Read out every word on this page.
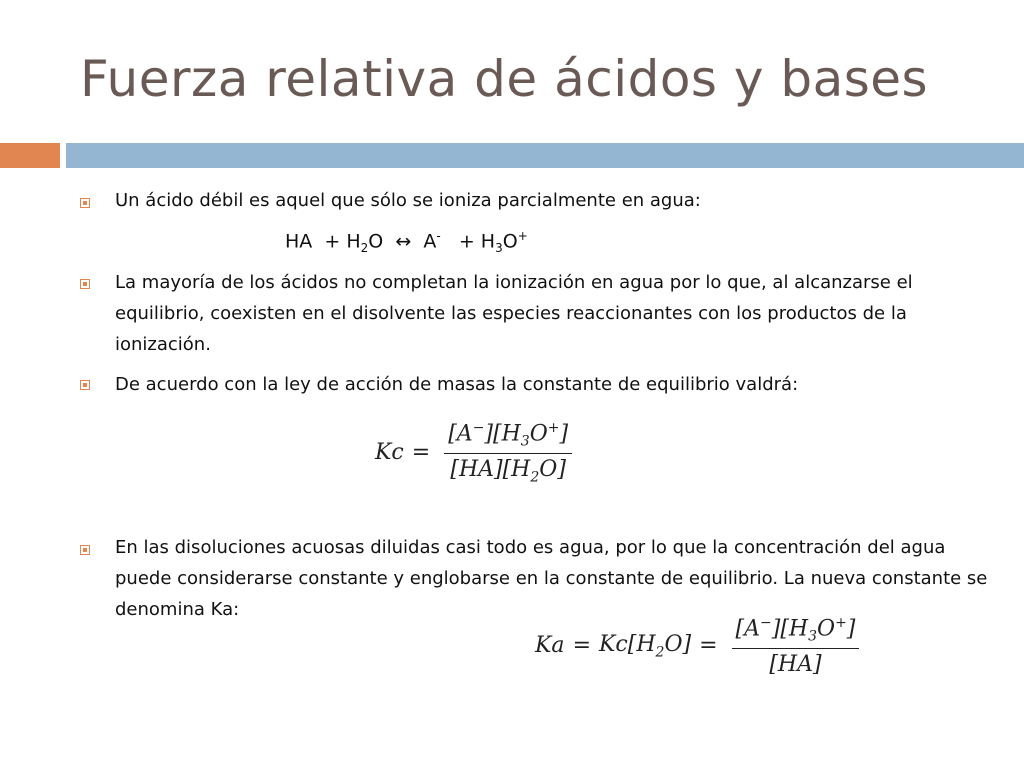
Fuerza relativa de ácidos y bases
Un ácido débil es aquel que sólo se ioniza parcialmente en agua:
HA + $H_2O$ ↔ $A^- + H_3O^+$
La mayoría de los ácidos no completan la ionización en agua por lo que, al alcanzarse el equilibrio, coexisten en el disolvente las especies reaccionantes con los productos de la ionización.
De acuerdo con la ley de acción de masas la constante de equilibrio valdrá:
$Kc = \frac{[A^-][H_3O^+]}{[HA][H_2O]}$
En las disoluciones acuosas diluidas casi todo es agua, por lo que la concentración del agua puede considerarse constante y englobarse en la constante de equilibrio. La nueva constante se denomina Ka:
$Ka = Kc[H_2O] = \frac{[A^-][H_3O^+]}{[HA]}$
